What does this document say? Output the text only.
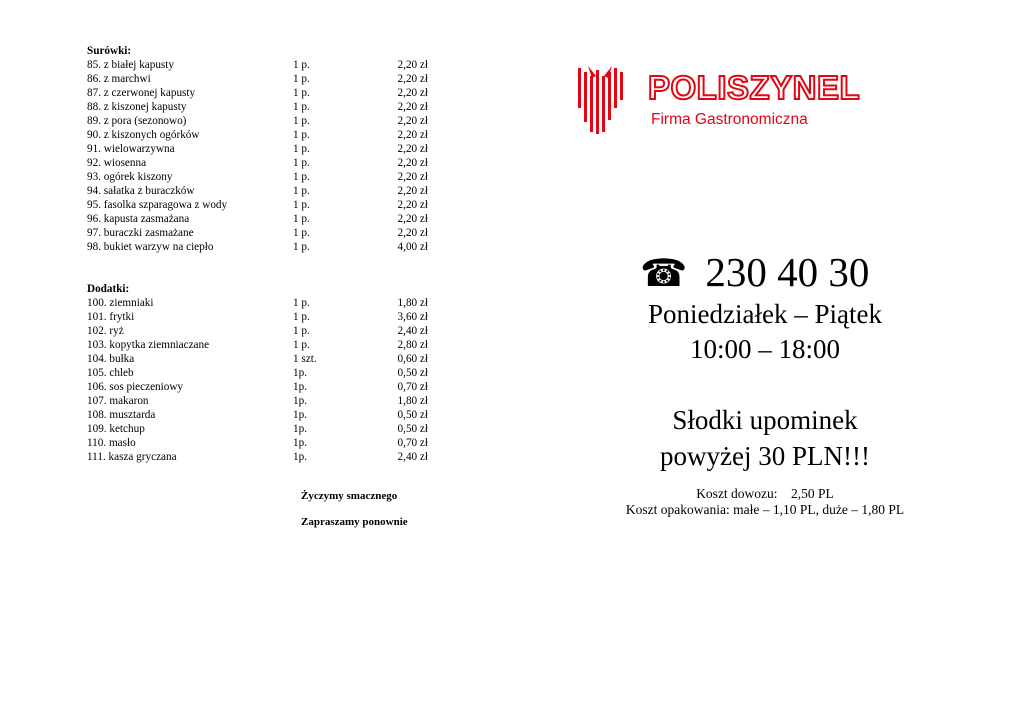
Surówki:
85. z białej kapusty	1 p.	2,20 zł
86. z marchwi	1 p.	2,20 zł
87. z czerwonej kapusty	1 p.	2,20 zł
88. z kiszonej kapusty	1 p.	2,20 zł
89. z pora (sezonowo)	1 p.	2,20 zł
90. z kiszonych ogórków	1 p.	2,20 zł
91. wielowarzywna	1 p.	2,20 zł
92. wiosenna	1 p.	2,20 zł
93. ogórek kiszony	1 p.	2,20 zł
94. sałatka z buraczków	1 p.	2,20 zł
95. fasolka szparagowa z wody	1 p.	2,20 zł
96. kapusta zasmażana	1 p.	2,20 zł
97. buraczki zasmażane	1 p.	2,20 zł
98. bukiet warzyw na ciepło	1 p.	4,00 zł
Dodatki:
100. ziemniaki	1 p.	1,80 zł
101. frytki	1 p.	3,60 zł
102. ryż	1 p.	2,40 zł
103. kopytka ziemniaczane	1 p.	2,80 zł
104. bułka	1 szt.	0,60 zł
105. chleb	1p.	0,50 zł
106. sos pieczeniowy	1p.	0,70 zł
107. makaron	1p.	1,80 zł
108. musztarda	1p.	0,50 zł
109. ketchup	1p.	0,50 zł
110. masło	1p.	0,70 zł
111. kasza gryczana	1p.	2,40 zł
Życzymy smacznego
Zapraszamy ponownie
POLISZYNEL
Firma Gastronomiczna
☎ 230 40 30
Poniedziałek – Piątek
10:00 – 18:00
Słodki upominek
powyżej 30 PLN!!!
Koszt dowozu:    2,50 PL
Koszt opakowania: małe – 1,10 PL, duże – 1,80 PL
